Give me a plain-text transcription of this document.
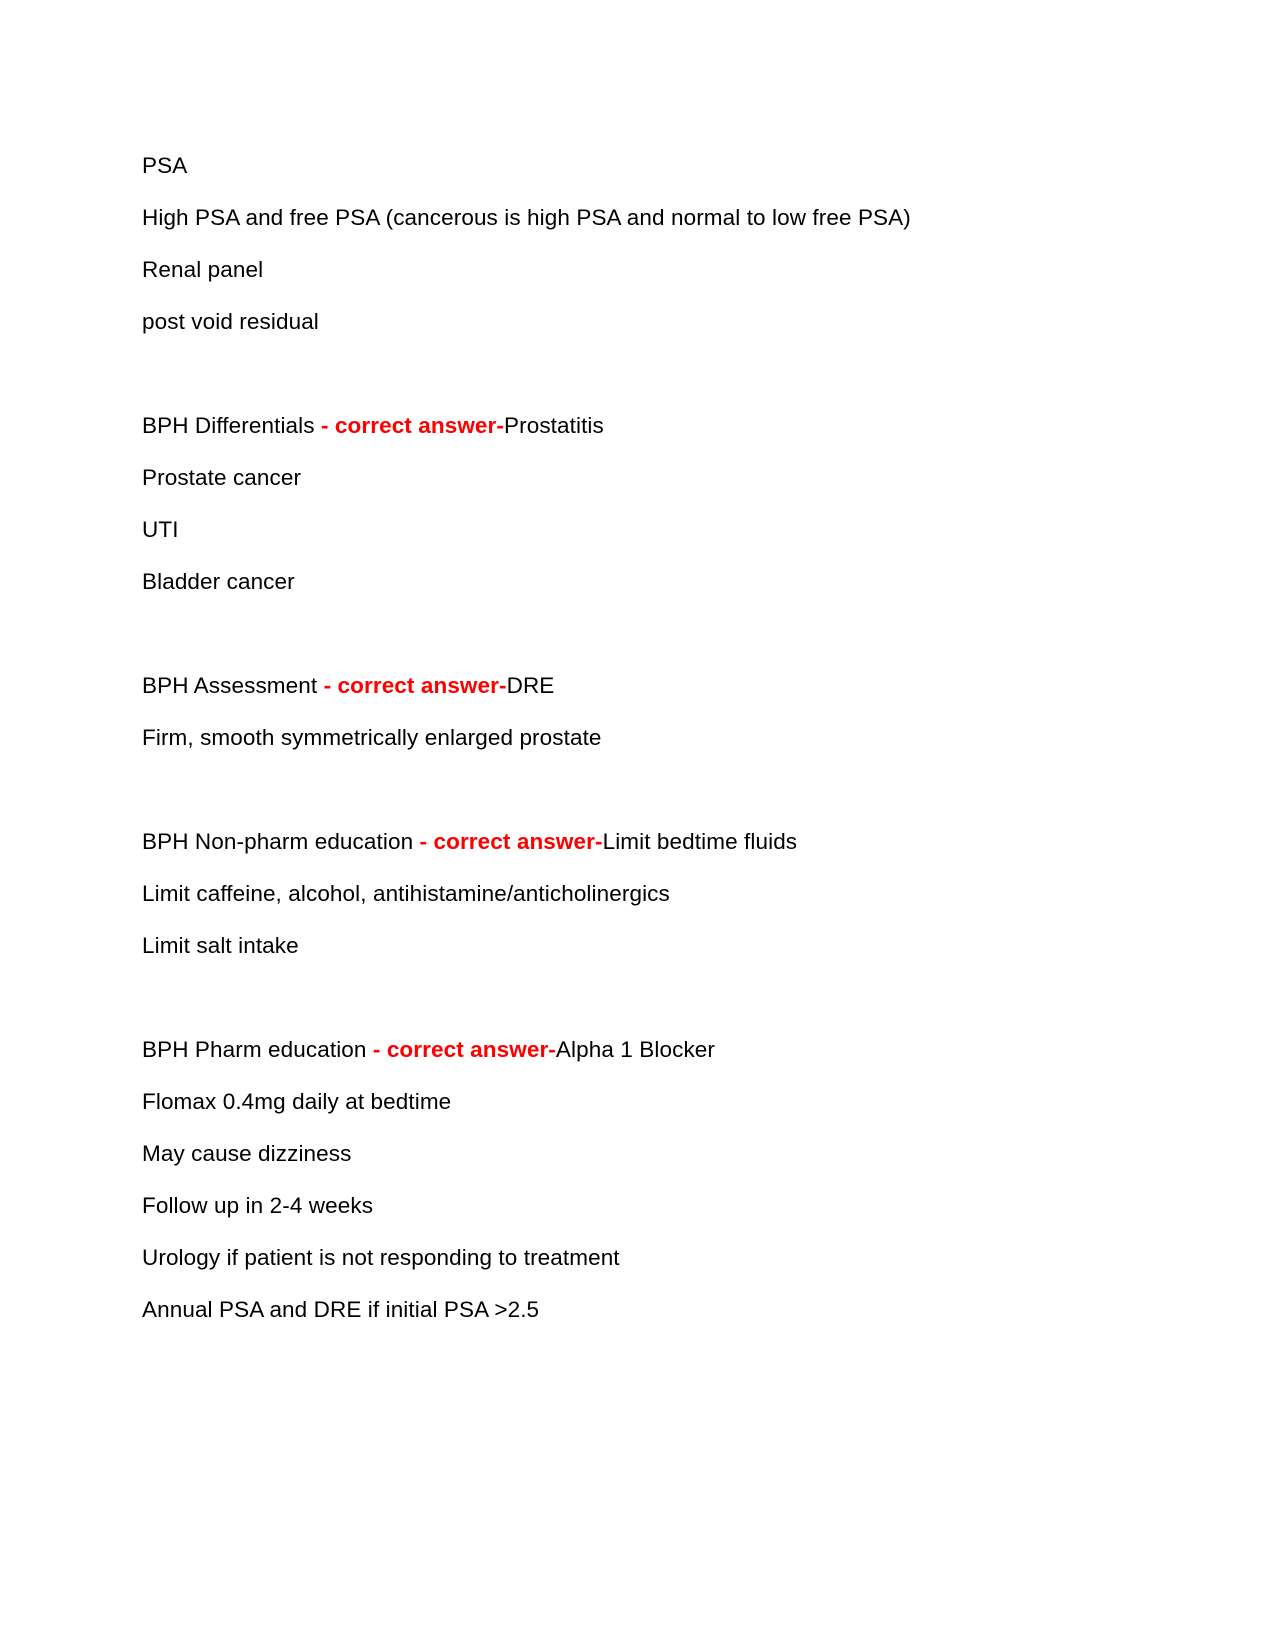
PSA
High PSA and free PSA (cancerous is high PSA and normal to low free PSA)
Renal panel
post void residual

BPH Differentials - correct answer-Prostatitis
Prostate cancer
UTI
Bladder cancer

BPH Assessment - correct answer-DRE
Firm, smooth symmetrically enlarged prostate

BPH Non-pharm education - correct answer-Limit bedtime fluids
Limit caffeine, alcohol, antihistamine/anticholinergics
Limit salt intake

BPH Pharm education - correct answer-Alpha 1 Blocker
Flomax 0.4mg daily at bedtime
May cause dizziness
Follow up in 2-4 weeks
Urology if patient is not responding to treatment
Annual PSA and DRE if initial PSA >2.5
